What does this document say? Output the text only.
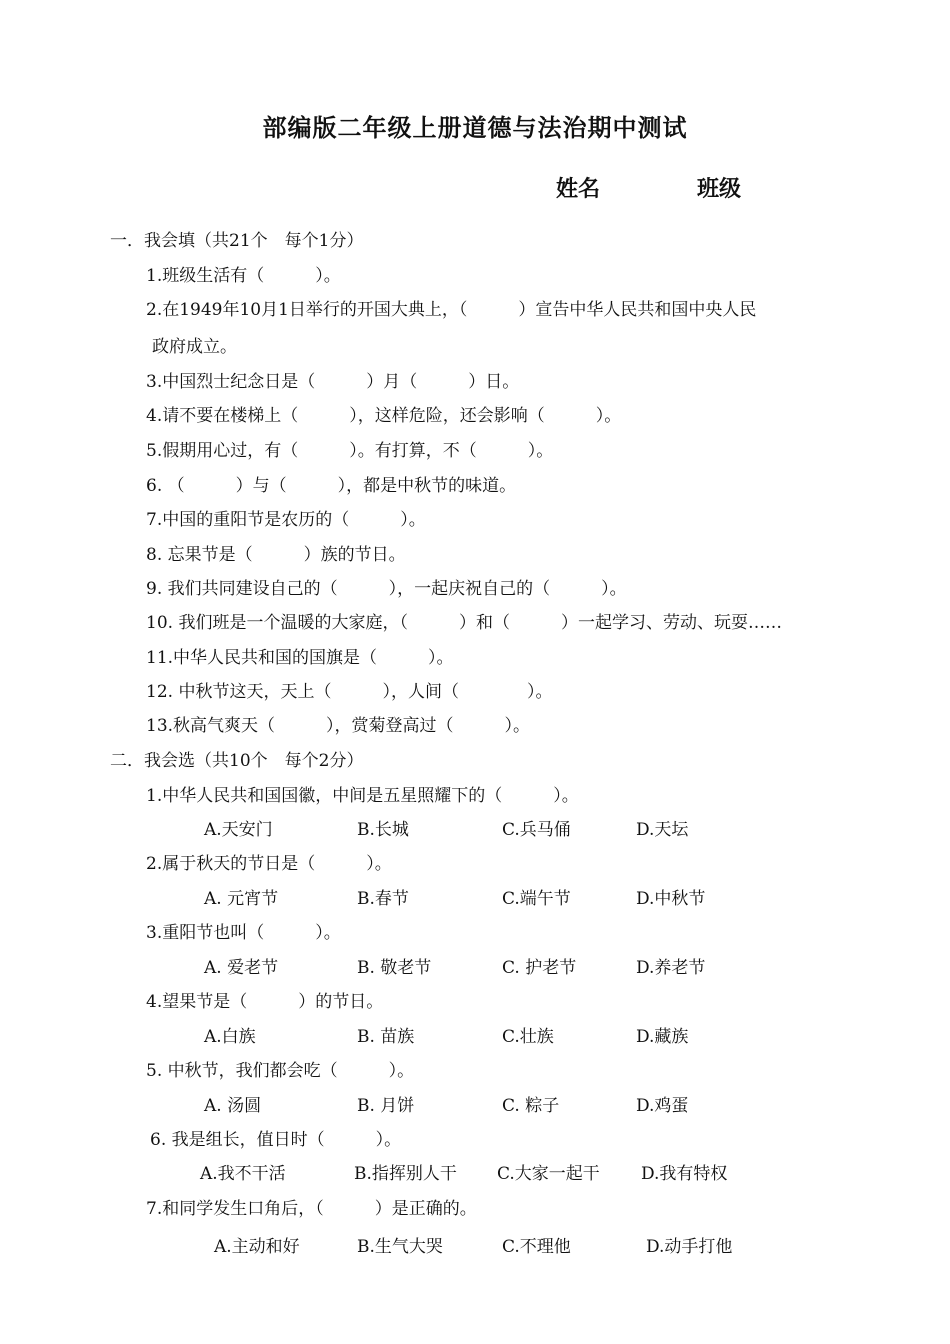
部编版二年级上册道德与法治期中测试
姓名	班级
一．我会填（共21个　每个1分）
1.班级生活有（　　　）。
2.在1949年10月1日举行的开国大典上，（　　　）宣告中华人民共和国中央人民
政府成立。
3.中国烈士纪念日是（　　　）月（　　　）日。
4.请不要在楼梯上（　　　），这样危险，还会影响（　　　）。
5.假期用心过，有（　　　）。有打算，不（　　　）。
6. （　　　）与（　　　），都是中秋节的味道。
7.中国的重阳节是农历的（　　　）。
8. 忘果节是（　　　）族的节日。
9. 我们共同建设自己的（　　　），一起庆祝自己的（　　　）。
10. 我们班是一个温暖的大家庭，（　　　）和（　　　）一起学习、劳动、玩耍……
11.中华人民共和国的国旗是（　　　）。
12. 中秋节这天，天上（　　　），人间（　　　　）。
13.秋高气爽天（　　　），赏菊登高过（　　　）。
二．我会选（共10个　每个2分）
1.中华人民共和国国徽，中间是五星照耀下的（　　　）。
A.天安门	B.长城	C.兵马俑	D.天坛
2.属于秋天的节日是（　　　）。
A. 元宵节	B.春节	C.端午节	D.中秋节
3.重阳节也叫（　　　）。
A. 爱老节	B. 敬老节	C. 护老节	D.养老节
4.望果节是（　　　）的节日。
A.白族	B. 苗族	C.壮族	D.藏族
5. 中秋节，我们都会吃（　　　）。
A. 汤圆	B. 月饼	C. 粽子	D.鸡蛋
6. 我是组长，值日时（　　　）。
A.我不干活	B.指挥别人干 C.大家一起干 D.我有特权
7.和同学发生口角后，（　　　）是正确的。
A.主动和好	B.生气大哭	C.不理他	D.动手打他
